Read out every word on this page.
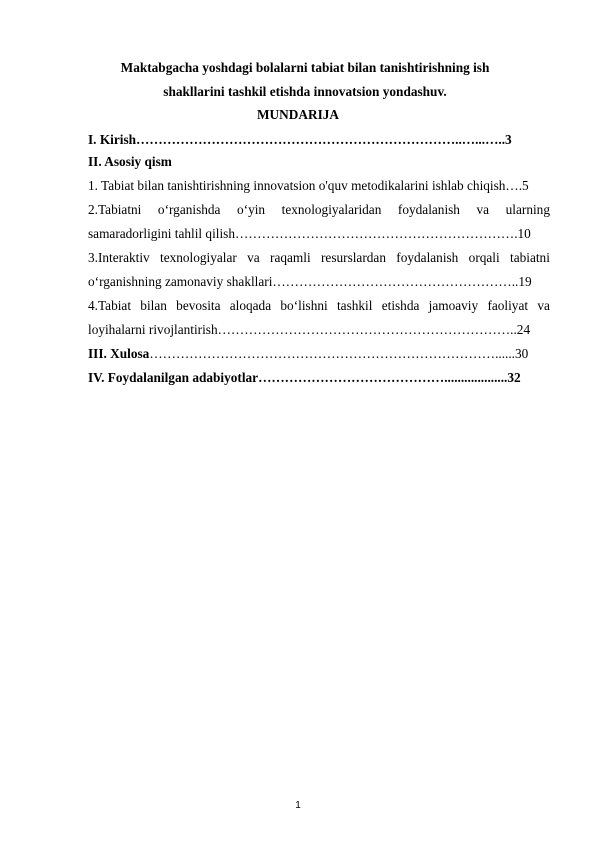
Maktabgacha yoshdagi bolalarni tabiat bilan tanishtirishning ish
shakllarini tashkil etishda innovatsion yondashuv.
MUNDARIJA
I. Kirish………………………………………………………………..…...…..3
II. Asosiy qism
1. Tabiat bilan tanishtirishning innovatsion o'quv metodikalarini ishlab chiqish….5
2.Tabiatni o‘rganishda o‘yin texnologiyalaridan foydalanish va ularning
samaradorligini tahlil qilish……………………………………………………….10
3.Interaktiv texnologiyalar va raqamli resurslardan foydalanish orqali tabiatni
o‘rganishning zamonaviy shakllari………………………………………………..19
4.Tabiat bilan bevosita aloqada bo‘lishni tashkil etishda jamoaviy faoliyat va
loyihalarni rivojlantirish…………………………………………………………..24
III. Xulosa……………………………………………………………………......30
IV. Foydalanilgan adabiyotlar……………………………………...................32
1
